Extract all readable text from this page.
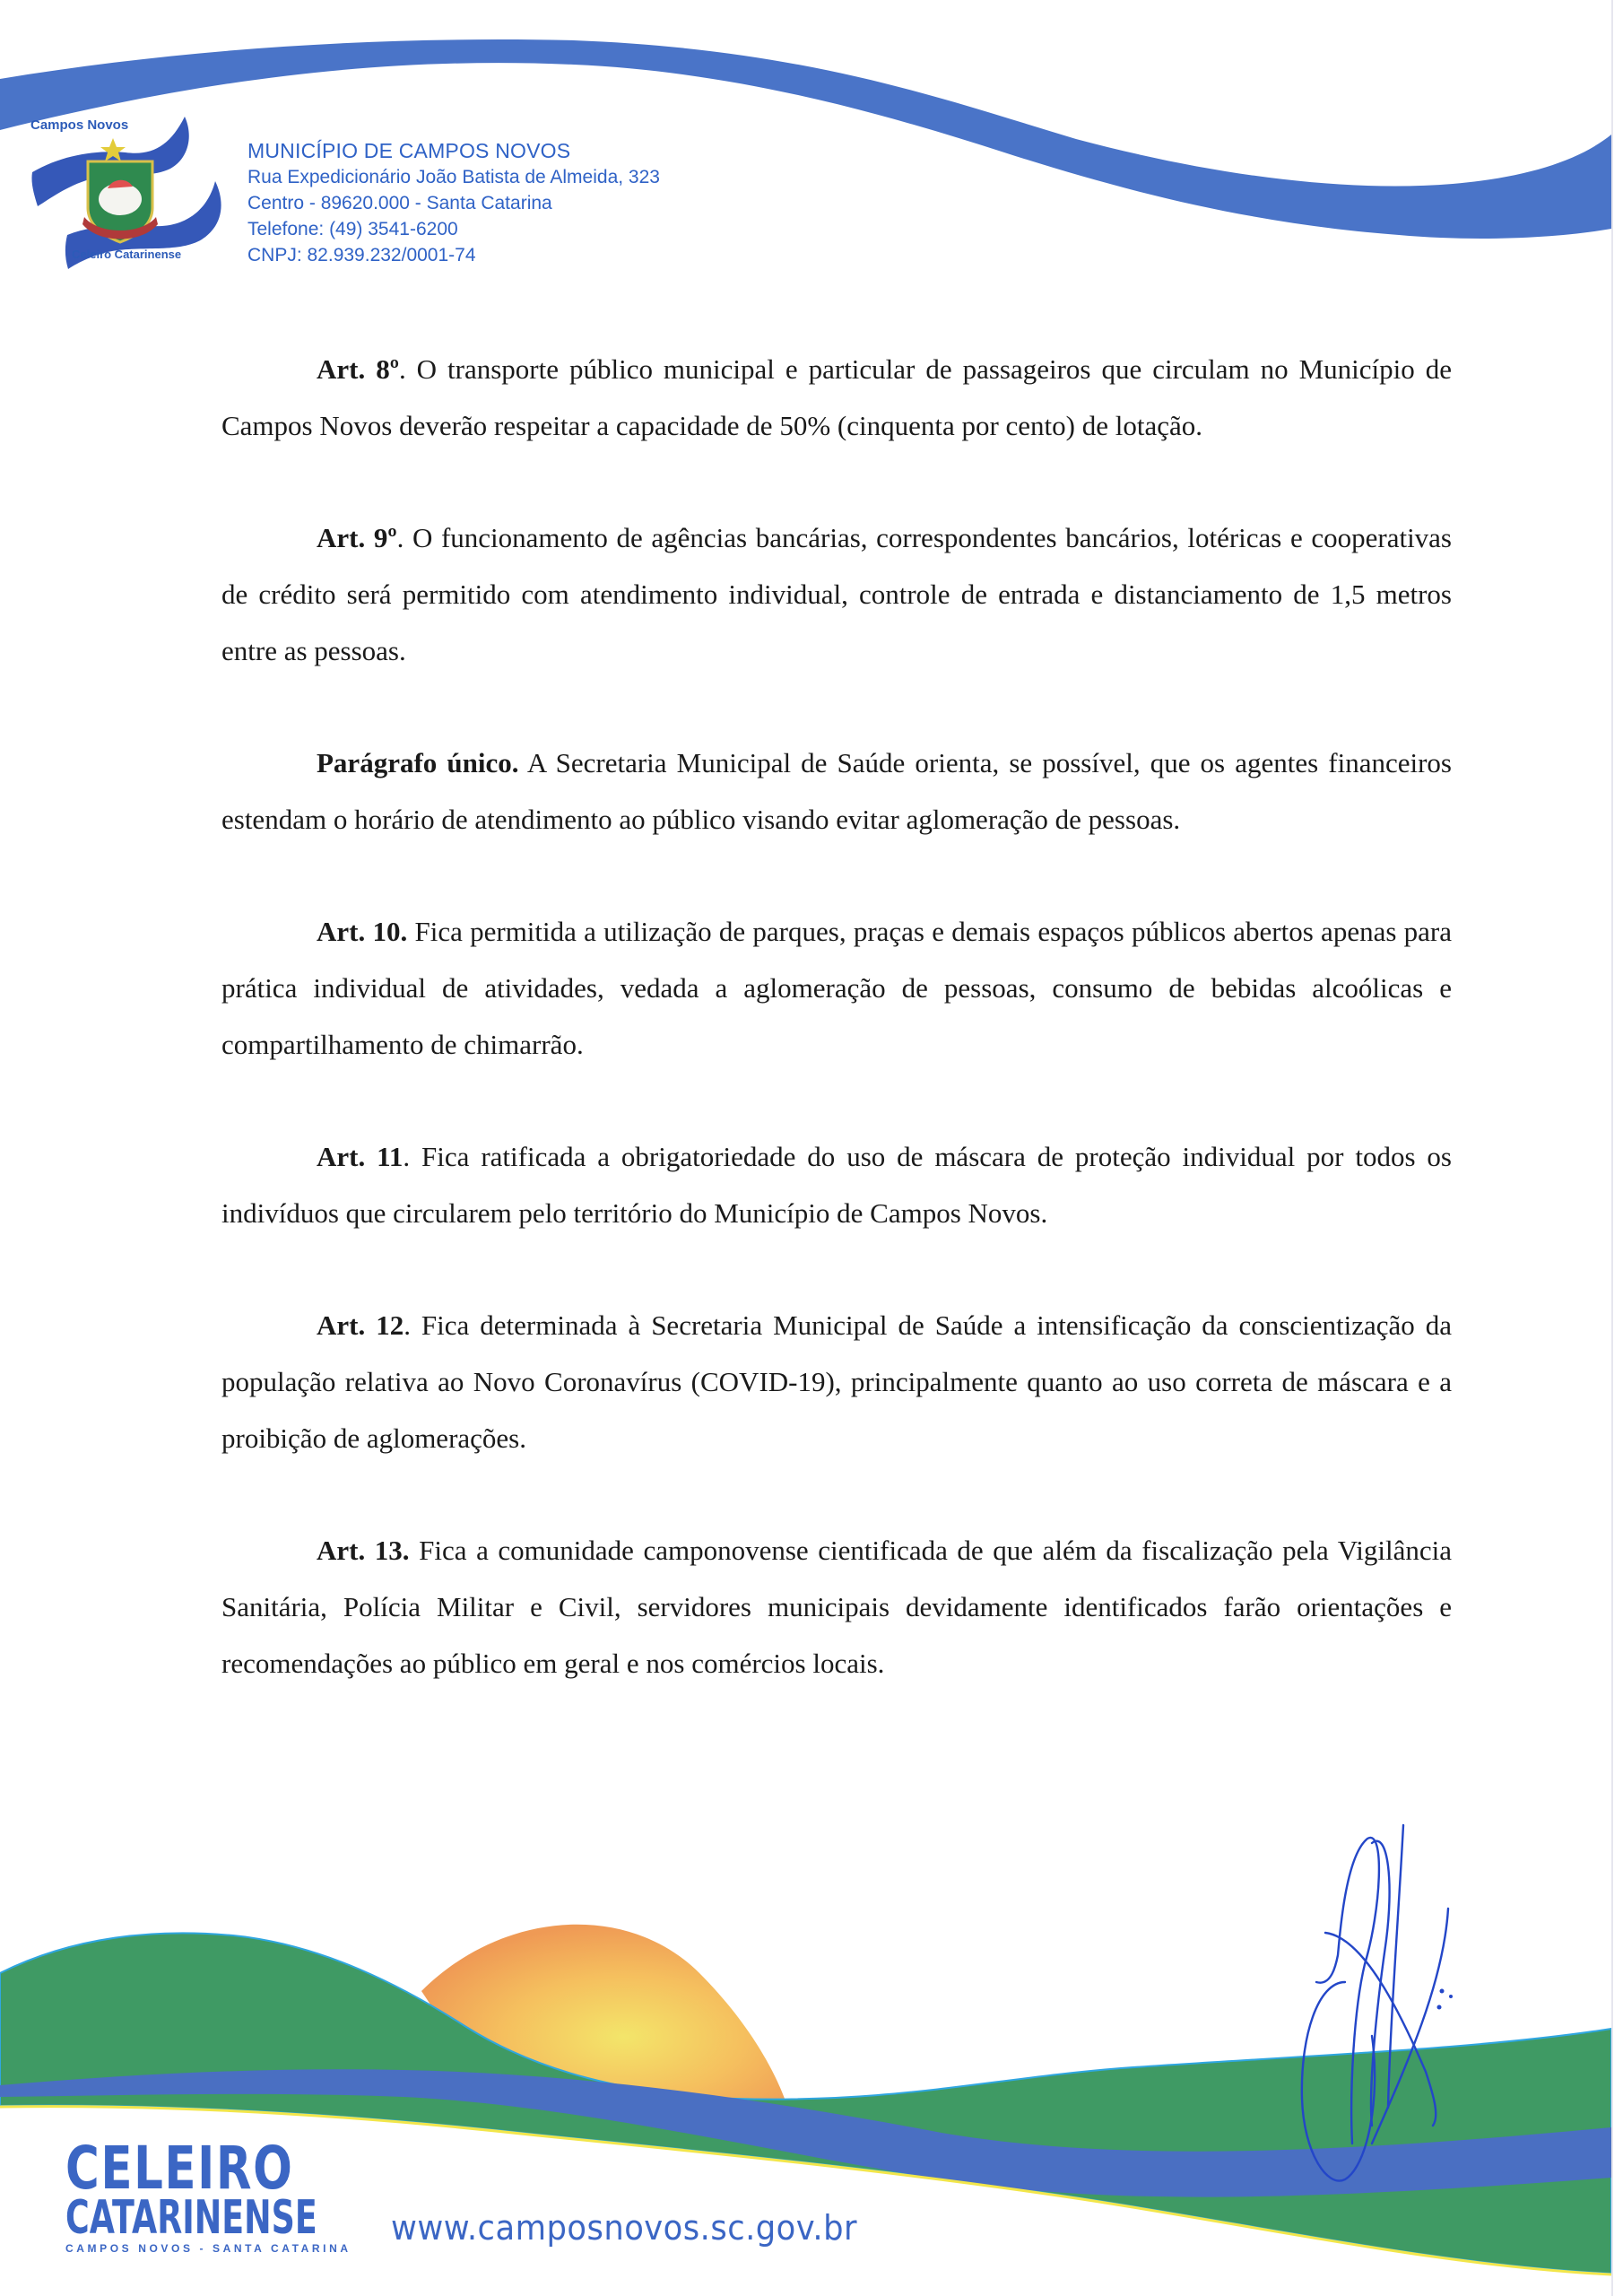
Campos Novos
Celeiro Catarinense
MUNICÍPIO DE CAMPOS NOVOS
Rua Expedicionário João Batista de Almeida, 323
Centro - 89620.000 - Santa Catarina
Telefone: (49) 3541-6200
CNPJ: 82.939.232/0001-74

Art. 8º. O transporte público municipal e particular de passageiros que circulam no Município de Campos Novos deverão respeitar a capacidade de 50% (cinquenta por cento) de lotação.

Art. 9º. O funcionamento de agências bancárias, correspondentes bancários, lotéricas e cooperativas de crédito será permitido com atendimento individual, controle de entrada e distanciamento de 1,5 metros entre as pessoas.

Parágrafo único. A Secretaria Municipal de Saúde orienta, se possível, que os agentes financeiros estendam o horário de atendimento ao público visando evitar aglomeração de pessoas.

Art. 10. Fica permitida a utilização de parques, praças e demais espaços públicos abertos apenas para prática individual de atividades, vedada a aglomeração de pessoas, consumo de bebidas alcoólicas e compartilhamento de chimarrão.

Art. 11. Fica ratificada a obrigatoriedade do uso de máscara de proteção individual por todos os indivíduos que circularem pelo território do Município de Campos Novos.

Art. 12. Fica determinada à Secretaria Municipal de Saúde a intensificação da conscientização da população relativa ao Novo Coronavírus (COVID-19), principalmente quanto ao uso correta de máscara e a proibição de aglomerações.

Art. 13. Fica a comunidade camponovense cientificada de que além da fiscalização pela Vigilância Sanitária, Polícia Militar e Civil, servidores municipais devidamente identificados farão orientações e recomendações ao público em geral e nos comércios locais.

CELEIRO
CATARINENSE
CAMPOS NOVOS - SANTA CATARINA
www.camposnovos.sc.gov.br
